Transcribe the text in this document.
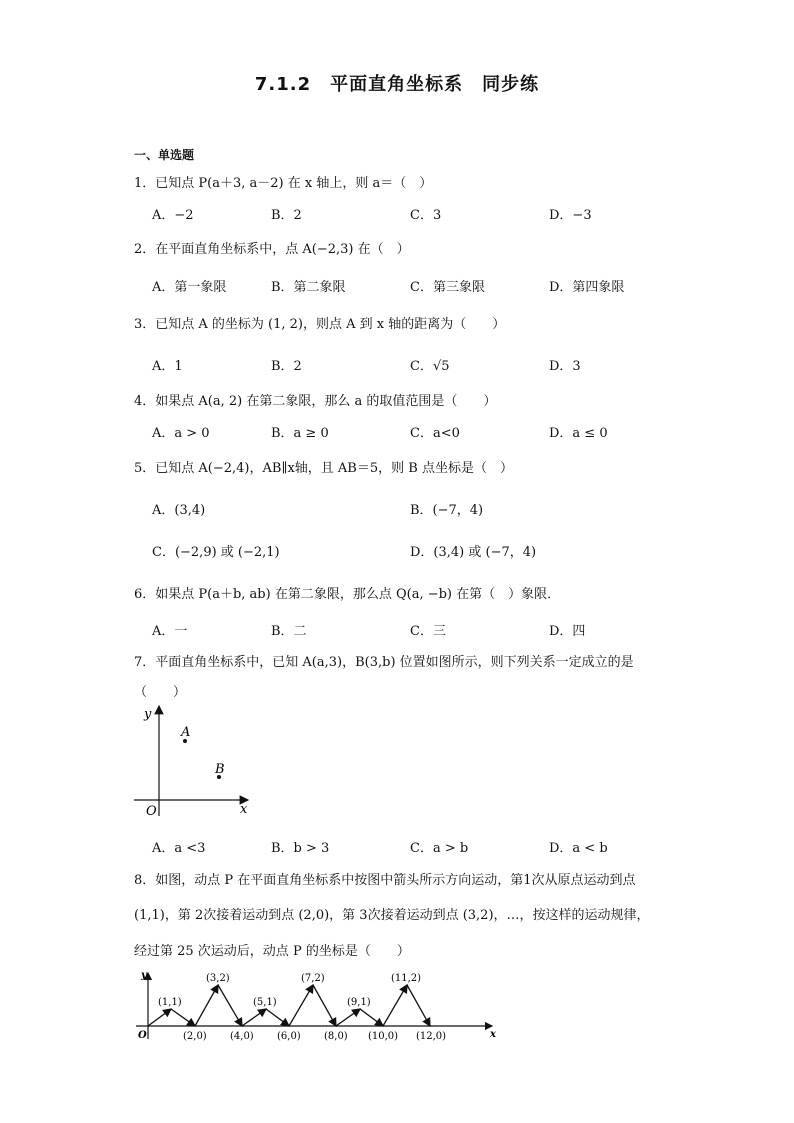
7.1.2　平面直角坐标系　同步练
一、单选题
1．已知点 P(a＋3, a－2) 在 x 轴上，则 a＝（　）
A．−2	B．2	C．3	D．−3
2．在平面直角坐标系中，点 A(−2,3) 在（　）
A．第一象限	B．第二象限	C．第三象限	D．第四象限
3．已知点 A 的坐标为 (1, 2)，则点 A 到 x 轴的距离为（　　）
A．1	B．2	C．√5	D．3
4．如果点 A(a, 2) 在第二象限，那么 a 的取值范围是（　　）
A．a > 0	B．a ≥ 0	C．a<0	D．a ≤ 0
5．已知点 A(−2,4)，AB∥x轴，且 AB＝5，则 B 点坐标是（　）
A．(3,4)	B．(−7，4)
C．(−2,9) 或 (−2,1)	D．(3,4) 或 (−7，4)
6．如果点 P(a＋b, ab) 在第二象限，那么点 Q(a, −b) 在第（　）象限．
A．一	B．二	C．三	D．四
7．平面直角坐标系中，已知 A(a,3)，B(3,b) 位置如图所示，则下列关系一定成立的是
（　　）
y
x
O
A
B
A．a <3	B．b > 3	C．a > b	D．a < b
8．如图，动点 P 在平面直角坐标系中按图中箭头所示方向运动，第1次从原点运动到点
(1,1)，第 2次接着运动到点 (2,0)，第 3次接着运动到点 (3,2)，…，按这样的运动规律，
经过第 25 次运动后，动点 P 的坐标是（　　）
y
x
O
(1,1)
(3,2)
(5,1)
(7,2)
(9,1)
(11,2)
(2,0) (4,0) (6,0) (8,0) (10,0) (12,0)
